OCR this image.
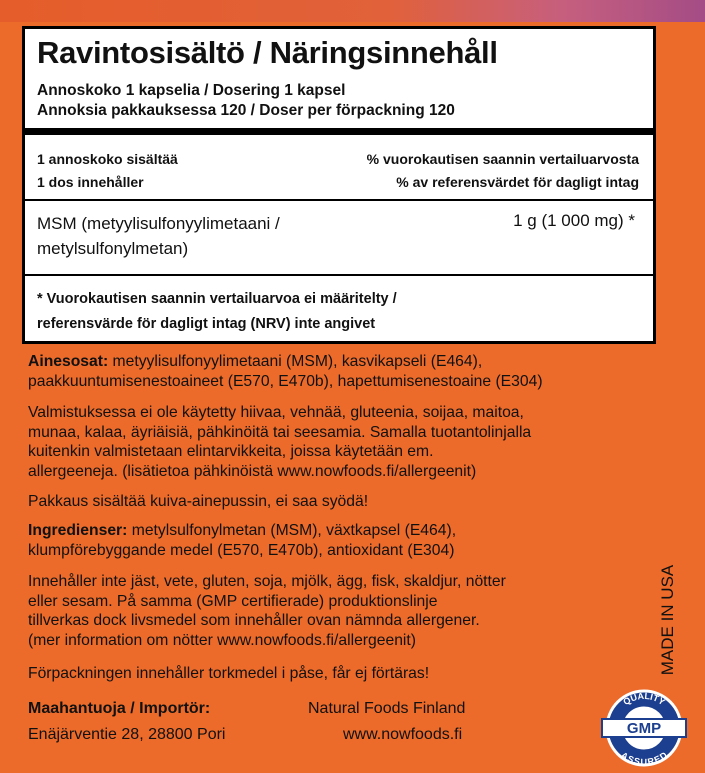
Ravintosisältö / Näringsinnehåll
Annoskoko 1 kapselia / Dosering 1 kapsel
Annoksia pakkauksessa 120 / Doser per förpackning 120
1 annoskoko sisältää
1 dos innehåller
% vuorokautisen saannin vertailuarvosta
% av referensvärdet för dagligt intag
MSM (metyylisulfonyylimetaani /
metylsulfonylmetan)
1 g (1 000 mg) *
* Vuorokautisen saannin vertailuarvoa ei määritelty /
referensvärde för dagligt intag (NRV) inte angivet
Ainesosat: metyylisulfonyylimetaani (MSM), kasvikapseli (E464),
paakkuuntumisenestoaineet (E570, E470b), hapettumisenestoaine (E304)
Valmistuksessa ei ole käytetty hiivaa, vehnää, gluteenia, soijaa, maitoa,
munaa, kalaa, äyriäisiä, pähkinöitä tai seesamia. Samalla tuotantolinjalla
kuitenkin valmistetaan elintarvikkeita, joissa käytetään em.
allergeeneja. (lisätietoa pähkinöistä www.nowfoods.fi/allergeenit)
Pakkaus sisältää kuiva-ainepussin, ei saa syödä!
Ingredienser: metylsulfonylmetan (MSM), växtkapsel (E464),
klumpförebyggande medel (E570, E470b), antioxidant (E304)
Innehåller inte jäst, vete, gluten, soja, mjölk, ägg, fisk, skaldjur, nötter
eller sesam. På samma (GMP certifierade) produktionslinje
tillverkas dock livsmedel som innehåller ovan nämnda allergener.
(mer information om nötter www.nowfoods.fi/allergeenit)
Förpackningen innehåller torkmedel i påse, får ej förtäras!
Maahantuoja / Importör:
Enäjärventie 28, 28800 Pori
Natural Foods Finland
www.nowfoods.fi
MADE IN USA
GMP
QUALITY
ASSURED
